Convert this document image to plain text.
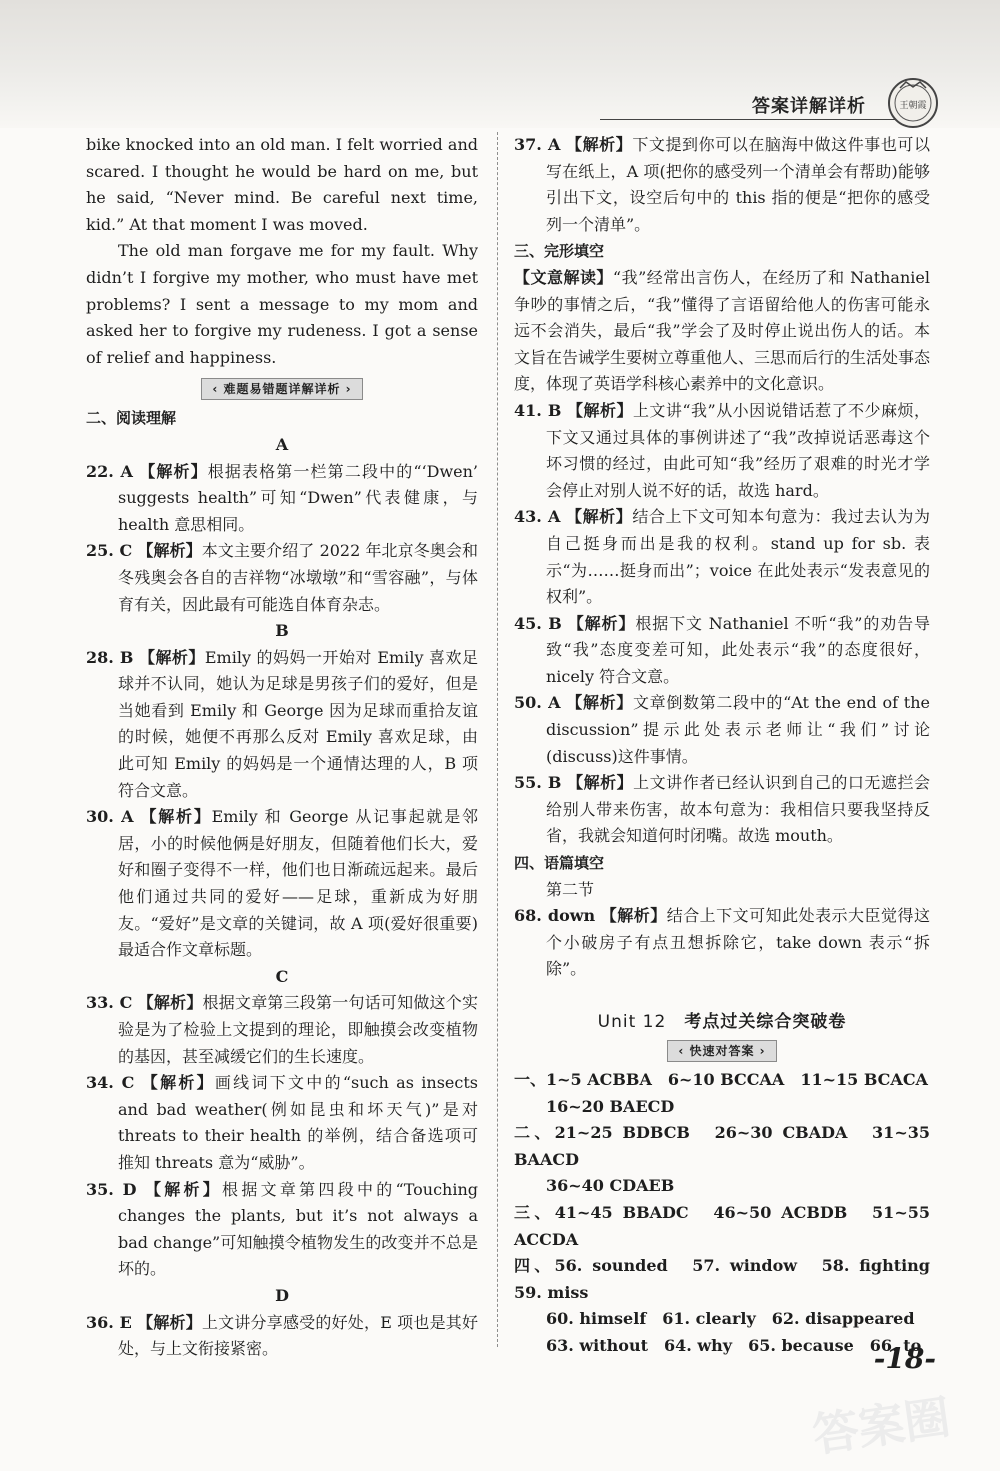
答案详解详析	王朝霞

bike knocked into an old man. I felt worried and scared. I thought he would be hard on me, but he said, “Never mind. Be careful next time, kid.” At that moment I was moved.

The old man forgave me for my fault. Why didn’t I forgive my mother, who must have met problems? I sent a message to my mom and asked her to forgive my rudeness. I got a sense of relief and happiness.

‹ 难题易错题详解详析 ›

二、阅读理解

A

22. A 【解析】根据表格第一栏第二段中的“‘Dwen’ suggests health”可知“Dwen”代表健康，与 health 意思相同。

25. C 【解析】本文主要介绍了 2022 年北京冬奥会和冬残奥会各自的吉祥物“冰墩墩”和“雪容融”，与体育有关，因此最有可能选自体育杂志。

B

28. B 【解析】Emily 的妈妈一开始对 Emily 喜欢足球并不认同，她认为足球是男孩子们的爱好，但是当她看到 Emily 和 George 因为足球而重拾友谊的时候，她便不再那么反对 Emily 喜欢足球，由此可知 Emily 的妈妈是一个通情达理的人，B 项符合文意。

30. A 【解析】Emily 和 George 从记事起就是邻居，小的时候他俩是好朋友，但随着他们长大，爱好和圈子变得不一样，他们也日渐疏远起来。最后他们通过共同的爱好——足球，重新成为好朋友。“爱好”是文章的关键词，故 A 项(爱好很重要)最适合作文章标题。

C

33. C 【解析】根据文章第三段第一句话可知做这个实验是为了检验上文提到的理论，即触摸会改变植物的基因，甚至减缓它们的生长速度。

34. C 【解析】画线词下文中的“such as insects and bad weather(例如昆虫和坏天气)”是对 threats to their health 的举例，结合备选项可推知 threats 意为“威胁”。

35. D 【解析】根据文章第四段中的“Touching changes the plants, but it’s not always a bad change”可知触摸令植物发生的改变并不总是坏的。

D

36. E 【解析】上文讲分享感受的好处，E 项也是其好处，与上文衔接紧密。

37. A 【解析】下文提到你可以在脑海中做这件事也可以写在纸上，A 项(把你的感受列一个清单会有帮助)能够引出下文，设空后句中的 this 指的便是“把你的感受列一个清单”。

三、完形填空

【文意解读】“我”经常出言伤人，在经历了和 Nathaniel 争吵的事情之后，“我”懂得了言语留给他人的伤害可能永远不会消失，最后“我”学会了及时停止说出伤人的话。本文旨在告诫学生要树立尊重他人、三思而后行的生活处事态度，体现了英语学科核心素养中的文化意识。

41. B 【解析】上文讲“我”从小因说错话惹了不少麻烦，下文又通过具体的事例讲述了“我”改掉说话恶毒这个坏习惯的经过，由此可知“我”经历了艰难的时光才学会停止对别人说不好的话，故选 hard。

43. A 【解析】结合上下文可知本句意为：我过去认为为自己挺身而出是我的权利。stand up for sb. 表示“为……挺身而出”；voice 在此处表示“发表意见的权利”。

45. B 【解析】根据下文 Nathaniel 不听“我”的劝告导致“我”态度变差可知，此处表示“我”的态度很好，nicely 符合文意。

50. A 【解析】文章倒数第二段中的“At the end of the discussion”提示此处表示老师让“我们”讨论(discuss)这件事情。

55. B 【解析】上文讲作者已经认识到自己的口无遮拦会给别人带来伤害，故本句意为：我相信只要我坚持反省，我就会知道何时闭嘴。故选 mouth。

四、语篇填空

第二节

68. down 【解析】结合上下文可知此处表示大臣觉得这个小破房子有点丑想拆除它，take down 表示“拆除”。

Unit 12 考点过关综合突破卷
‹ 快速对答案 ›

一、1~5 ACBBA　6~10 BCCAA　11~15 BCACA

16~20 BAECD

二、21~25 BDBCB　26~30 CBADA　31~35 BAACD

36~40 CDAEB

三、41~45 BBADC　46~50 ACBDB　51~55 ACCDA

四、56. sounded　57. window　58. fighting　59. miss

60. himself　61. clearly　62. disappeared

63. without　64. why　65. because　66. to

-18-
答案圈
